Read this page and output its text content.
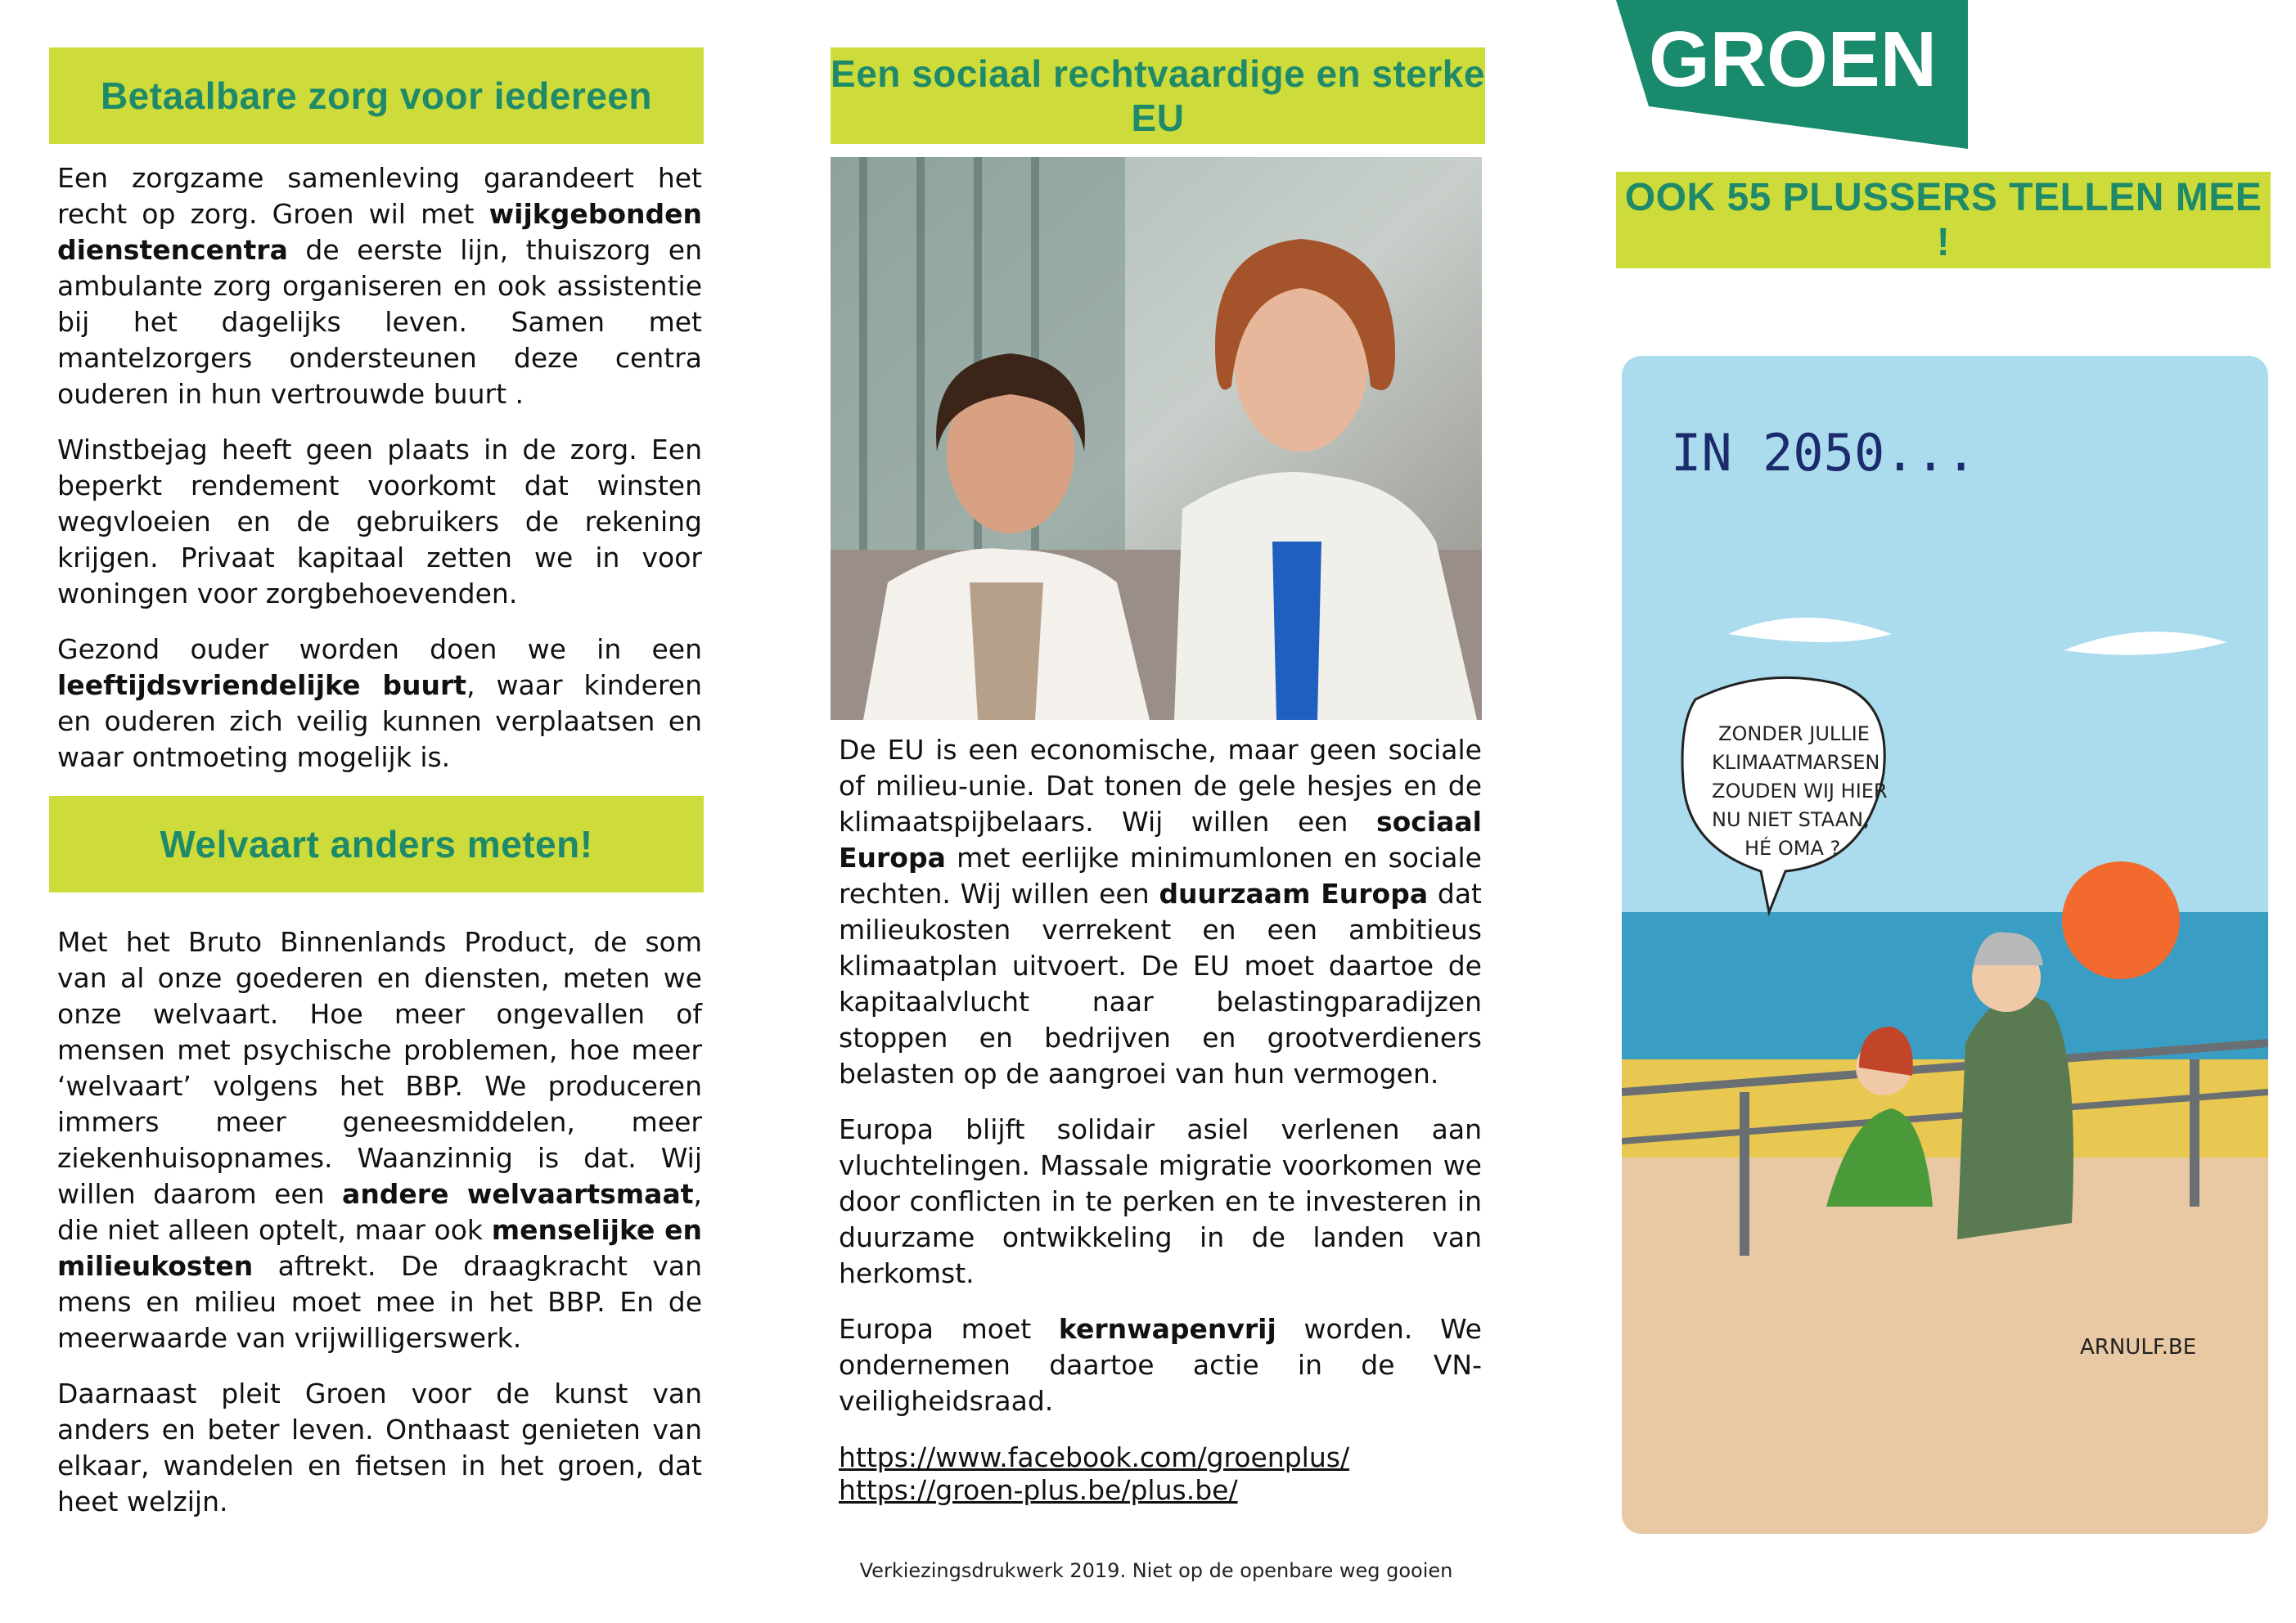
Betaalbare zorg voor iedereen

Een zorgzame samenleving garandeert het recht op zorg. Groen wil met wijkgebonden dienstencentra de eerste lijn, thuiszorg en ambulante zorg organiseren en ook assistentie bij het dagelijks leven. Samen met mantelzorgers ondersteunen deze centra ouderen in hun vertrouwde buurt .

Winstbejag heeft geen plaats in de zorg. Een beperkt rendement voorkomt dat winsten wegvloeien en de gebruikers de rekening krijgen. Privaat kapitaal zetten we in voor woningen voor zorgbehoevenden.

Gezond ouder worden doen we in een leeftijdsvriendelijke buurt, waar kinderen en ouderen zich veilig kunnen verplaatsen en waar ontmoeting mogelijk is.

Welvaart anders meten!

Met het Bruto Binnenlands Product, de som van al onze goederen en diensten, meten we onze welvaart. Hoe meer ongevallen of mensen met psychische problemen, hoe meer ‘welvaart’ volgens het BBP. We produceren immers meer geneesmiddelen, meer ziekenhuisopnames. Waanzinnig is dat. Wij willen daarom een andere welvaartsmaat, die niet alleen optelt, maar ook menselijke en milieukosten aftrekt. De draagkracht van mens en milieu moet mee in het BBP. En de meerwaarde van vrijwilligerswerk.

Daarnaast pleit Groen voor de kunst van anders en beter leven. Onthaast genieten van elkaar, wandelen en fietsen in het groen, dat heet welzijn.

Een sociaal rechtvaardige en sterke EU

De EU is een economische, maar geen sociale of milieu-unie. Dat tonen de gele hesjes en de klimaatspijbelaars. Wij willen een sociaal Europa met eerlijke minimumlonen en sociale rechten. Wij willen een duurzaam Europa dat milieukosten verrekent en een ambitieus klimaatplan uitvoert. De EU moet daartoe de kapitaalvlucht naar belastingparadijzen stoppen en bedrijven en grootverdieners belasten op de aangroei van hun vermogen.

Europa blijft solidair asiel verlenen aan vluchtelingen. Massale migratie voorkomen we door conflicten in te perken en te investeren in duurzame ontwikkeling in de landen van herkomst.

Europa moet kernwapenvrij worden. We ondernemen daartoe actie in de VN-veiligheidsraad.

https://www.facebook.com/groenplus/
https://groen-plus.be/plus.be/
Verkiezingsdrukwerk 2019. Niet op de openbare weg gooien
GROEN
OOK 55 PLUSSERS TELLEN MEE !
IN 2050...
ZONDER JULLIE KLIMAATMARSEN ZOUDEN WIJ HIER NU NIET STAAN, HÉ OMA ?
ARNULF.BE
